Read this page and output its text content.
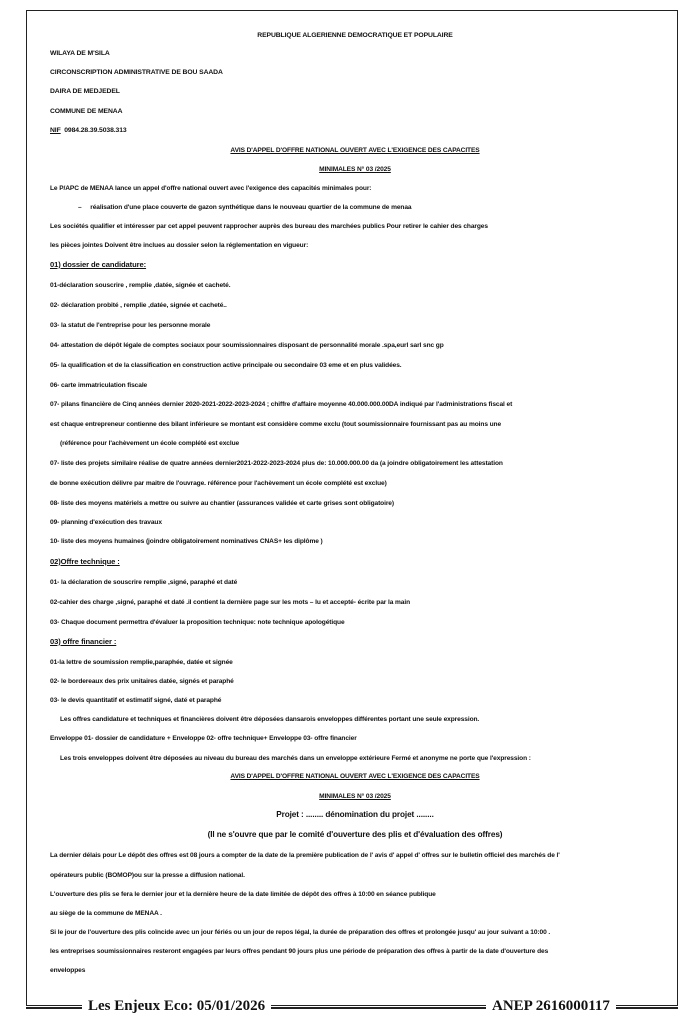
REPUBLIQUE ALGERIENNE DEMOCRATIQUE ET POPULAIRE
WILAYA DE M'SILA
CIRCONSCRIPTION ADMINISTRATIVE DE BOU SAADA
DAIRA DE MEDJEDEL
COMMUNE DE MENAA
NIF 0984.28.39.5038.313
AVIS D'APPEL D'OFFRE NATIONAL OUVERT AVEC L'EXIGENCE DES CAPACITES
MINIMALES N° 03 /2025
Le P/APC de MENAA lance un appel d'offre national ouvert avec l'exigence des capacités minimales pour:
–     réalisation d'une place couverte de gazon synthétique dans le nouveau quartier de la commune de menaa
Les sociétés qualifier et intéresser par cet appel peuvent rapprocher auprès des bureau des marchées publics Pour retirer le cahier des charges
les pièces jointes Doivent être inclues au dossier selon la réglementation en vigueur:
01) dossier de candidature:
01-déclaration souscrire , remplie ,datée, signée et cacheté.
02- déclaration probité , remplie ,datée, signée et cacheté..
03- la statut de l'entreprise pour les personne morale
04- attestation de dépôt légale de comptes sociaux pour soumissionnaires disposant de personnalité morale .spa,eurl sarl snc gp
05- la qualification et de la classification en construction active principale ou secondaire 03 eme et en plus validées.
06- carte immatriculation fiscale
07- pilans financière de Cinq années dernier 2020-2021-2022-2023-2024 ; chiffre d'affaire moyenne 40.000.000.00DA indiqué par l'administrations fiscal et
est chaque entrepreneur contienne des bilant inférieure se montant est considère comme exclu (tout soumissionnaire fournissant pas au moins une
(référence pour l'achèvement un école complété est exclue
07- liste des projets similaire réalise de quatre années dernier2021-2022-2023-2024 plus de: 10.000.000.00 da (a joindre obligatoirement les attestation
de bonne exécution délivre par maitre de l'ouvrage. référence pour l'achèvement un école complété est exclue)
08- liste des moyens matériels a mettre ou suivre au chantier (assurances validée et carte grises sont obligatoire)
09- planning d'exécution des travaux
10- liste des moyens humaines (joindre obligatoirement nominatives CNAS+ les diplôme )
02)Offre technique :
01- la déclaration de souscrire remplie ,signé, paraphé et daté
02-cahier des charge ,signé, paraphé et daté .il contient la dernière page sur les mots – lu et accepté- écrite par la main
03- Chaque document permettra d'évaluer la proposition technique: note technique apologétique
03) offre financier :
01-la lettre de soumission remplie,paraphée, datée et signée
02- le bordereaux des prix unitaires datée, signés et paraphé
03- le devis quantitatif et estimatif signé, daté et paraphé
Les offres candidature et techniques et financières doivent être déposées dansarois enveloppes différentes portant une seule expression.
Enveloppe 01- dossier de candidature + Enveloppe 02- offre technique+ Enveloppe 03- offre financier
Les trois enveloppes doivent être déposées au niveau du bureau des marchés dans un enveloppe extérieure Fermé et anonyme ne porte que l'expression :
AVIS D'APPEL D'OFFRE NATIONAL OUVERT AVEC L'EXIGENCE DES CAPACITES
MINIMALES N° 03 /2025
Projet : ........ dénomination du projet ........
(Il ne s'ouvre que par le comité d'ouverture des plis et d'évaluation des offres)
La dernier délais pour Le dépôt des offres est 08 jours a compter de la date de la première publication de l' avis d' appel d' offres sur le bulletin officiel des marchés de l'
opérateurs public (BOMOP)ou sur la presse a diffusion national.
L'ouverture des plis se fera le dernier jour et la dernière heure de la date limitée de dépôt des offres à 10:00 en séance publique
au siège de la commune de MENAA .
Si le jour de l'ouverture des plis coïncide avec un jour fériés ou un jour de repos légal, la durée de préparation des offres et prolongée jusqu' au jour suivant a 10:00 .
les entreprises soumissionnaires resteront engagées par leurs offres pendant 90 jours plus une période de préparation des offres à partir de la date d'ouverture des
enveloppes
Les Enjeux Eco: 05/01/2026	ANEP 2616000117
